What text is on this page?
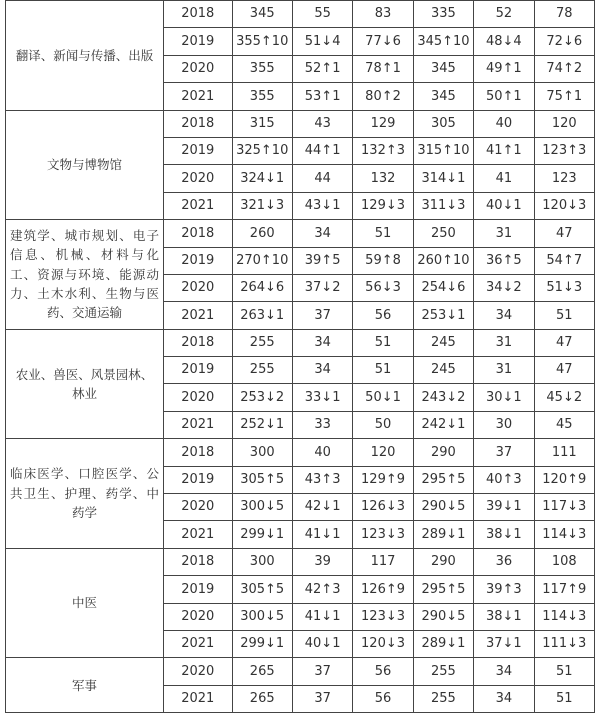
翻译、新闻与传播、出版	2018	345	55	83	335	52	78
	2019	355↑10	51↓4	77↓6	345↑10	48↓4	72↓6
	2020	355	52↑1	78↑1	345	49↑1	74↑2
	2021	355	53↑1	80↑2	345	50↑1	75↑1
文物与博物馆	2018	315	43	129	305	40	120
	2019	325↑10	44↑1	132↑3	315↑10	41↑1	123↑3
	2020	324↓1	44	132	314↓1	41	123
	2021	321↓3	43↓1	129↓3	311↓3	40↓1	120↓3
建筑学、城市规划、电子信息、机械、材料与化工、资源与环境、能源动力、土木水利、生物与医药、交通运输	2018	260	34	51	250	31	47
	2019	270↑10	39↑5	59↑8	260↑10	36↑5	54↑7
	2020	264↓6	37↓2	56↓3	254↓6	34↓2	51↓3
	2021	263↓1	37	56	253↓1	34	51
农业、兽医、风景园林、林业	2018	255	34	51	245	31	47
	2019	255	34	51	245	31	47
	2020	253↓2	33↓1	50↓1	243↓2	30↓1	45↓2
	2021	252↓1	33	50	242↓1	30	45
临床医学、口腔医学、公共卫生、护理、药学、中药学	2018	300	40	120	290	37	111
	2019	305↑5	43↑3	129↑9	295↑5	40↑3	120↑9
	2020	300↓5	42↓1	126↓3	290↓5	39↓1	117↓3
	2021	299↓1	41↓1	123↓3	289↓1	38↓1	114↓3
中医	2018	300	39	117	290	36	108
	2019	305↑5	42↑3	126↑9	295↑5	39↑3	117↑9
	2020	300↓5	41↓1	123↓3	290↓5	38↓1	114↓3
	2021	299↓1	40↓1	120↓3	289↓1	37↓1	111↓3
军事	2020	265	37	56	255	34	51
	2021	265	37	56	255	34	51
